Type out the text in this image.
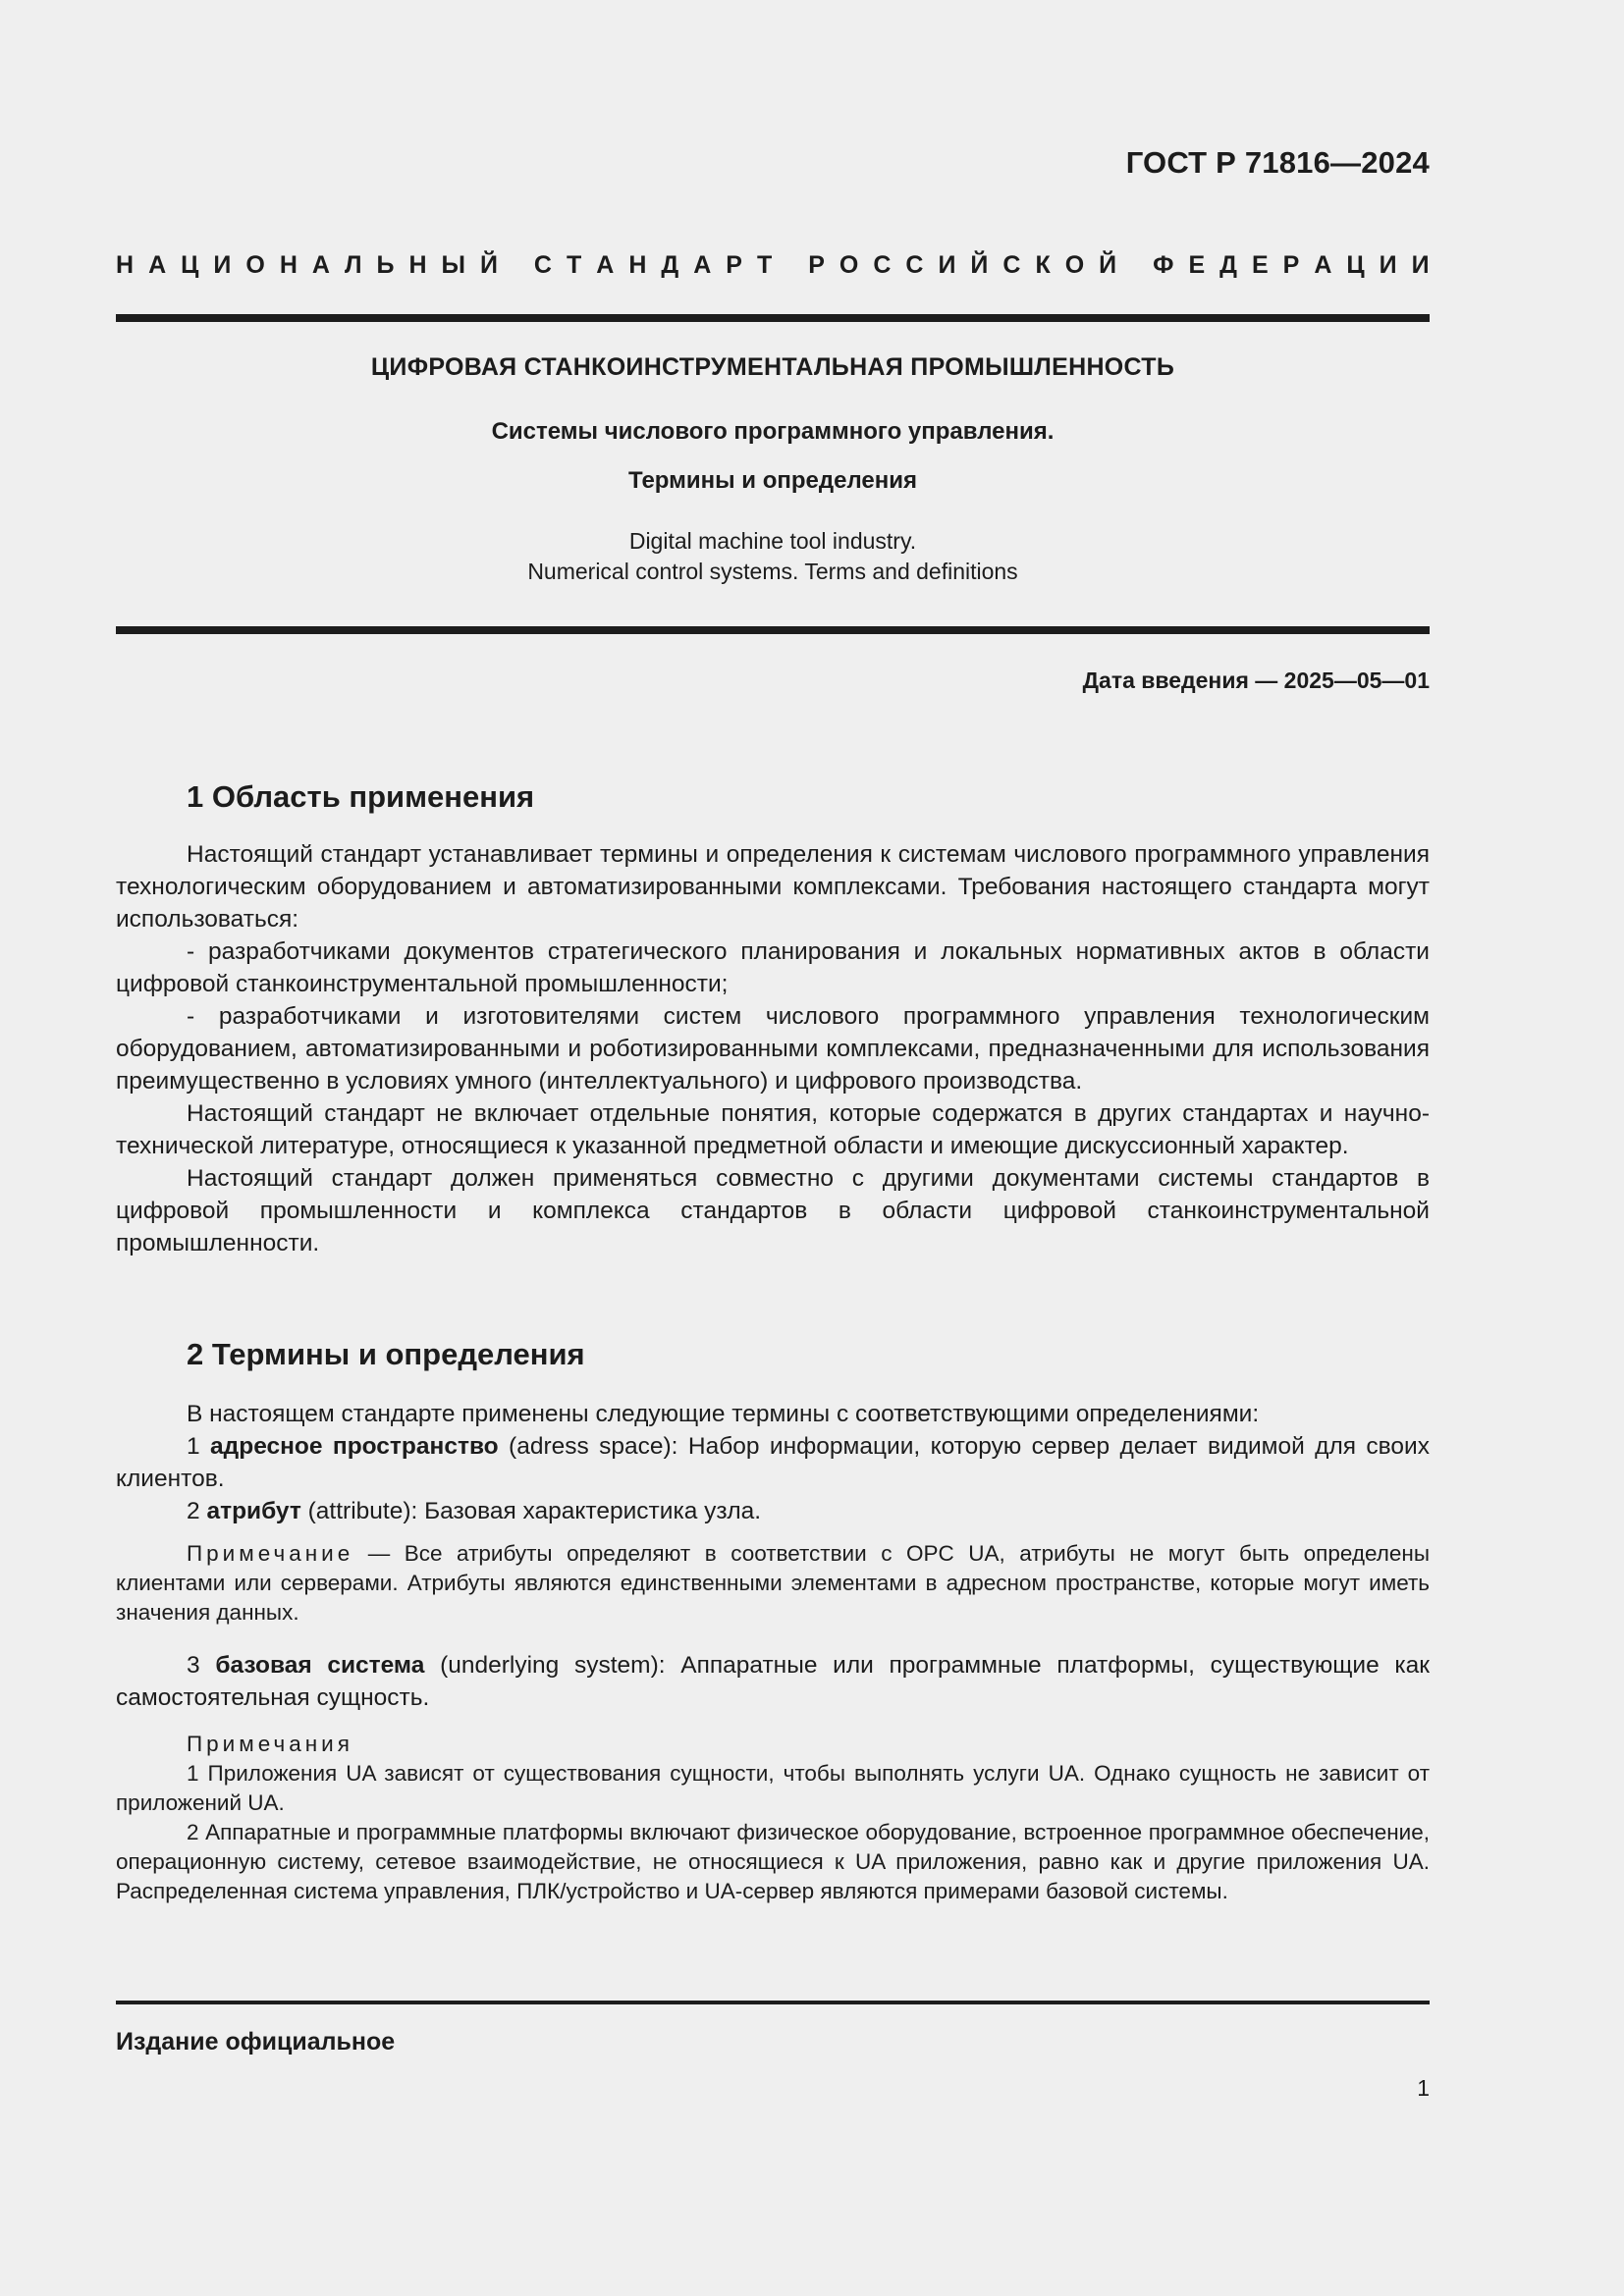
ГОСТ Р 71816—2024
Н А Ц И О Н А Л Ь Н Ы Й
С Т А Н Д А Р Т
Р О С С И Й С К О Й
Ф Е Д Е Р А Ц И И
ЦИФРОВАЯ СТАНКОИНСТРУМЕНТАЛЬНАЯ ПРОМЫШЛЕННОСТЬ
Системы числового программного управления.
Термины и определения
Digital machine tool industry.
Numerical control systems. Terms and definitions
Дата введения — 2025—05—01
1 Область применения

Настоящий стандарт устанавливает термины и определения к системам числового программного управления технологическим оборудованием и автоматизированными комплексами. Требования настоящего стандарта могут использоваться:

- разработчиками документов стратегического планирования и локальных нормативных актов в области цифровой станкоинструментальной промышленности;

- разработчиками и изготовителями систем числового программного управления технологическим оборудованием, автоматизированными и роботизированными комплексами, предназначенными для использования преимущественно в условиях умного (интеллектуального) и цифрового производства.

Настоящий стандарт не включает отдельные понятия, которые содержатся в других стандартах и научно-технической литературе, относящиеся к указанной предметной области и имеющие дискуссионный характер.

Настоящий стандарт должен применяться совместно с другими документами системы стандартов в цифровой промышленности и комплекса стандартов в области цифровой станкоинструментальной промышленности.

2 Термины и определения

В настоящем стандарте применены следующие термины с соответствующими определениями:

1 адресное пространство (adress space): Набор информации, которую сервер делает видимой для своих клиентов.

2 атрибут (attribute): Базовая характеристика узла.

Примечание — Все атрибуты определяют в соответствии с OPC UA, атрибуты не могут быть определены клиентами или серверами. Атрибуты являются единственными элементами в адресном пространстве, которые могут иметь значения данных.

3 базовая система (underlying system): Аппаратные или программные платформы, существующие как самостоятельная сущность.

Примечания

1 Приложения UA зависят от существования сущности, чтобы выполнять услуги UA. Однако сущность не зависит от приложений UA.

2 Аппаратные и программные платформы включают физическое оборудование, встроенное программное обеспечение, операционную систему, сетевое взаимодействие, не относящиеся к UA приложения, равно как и другие приложения UA. Распределенная система управления, ПЛК/устройство и UA-сервер являются примерами базовой системы.

Издание официальное
1
